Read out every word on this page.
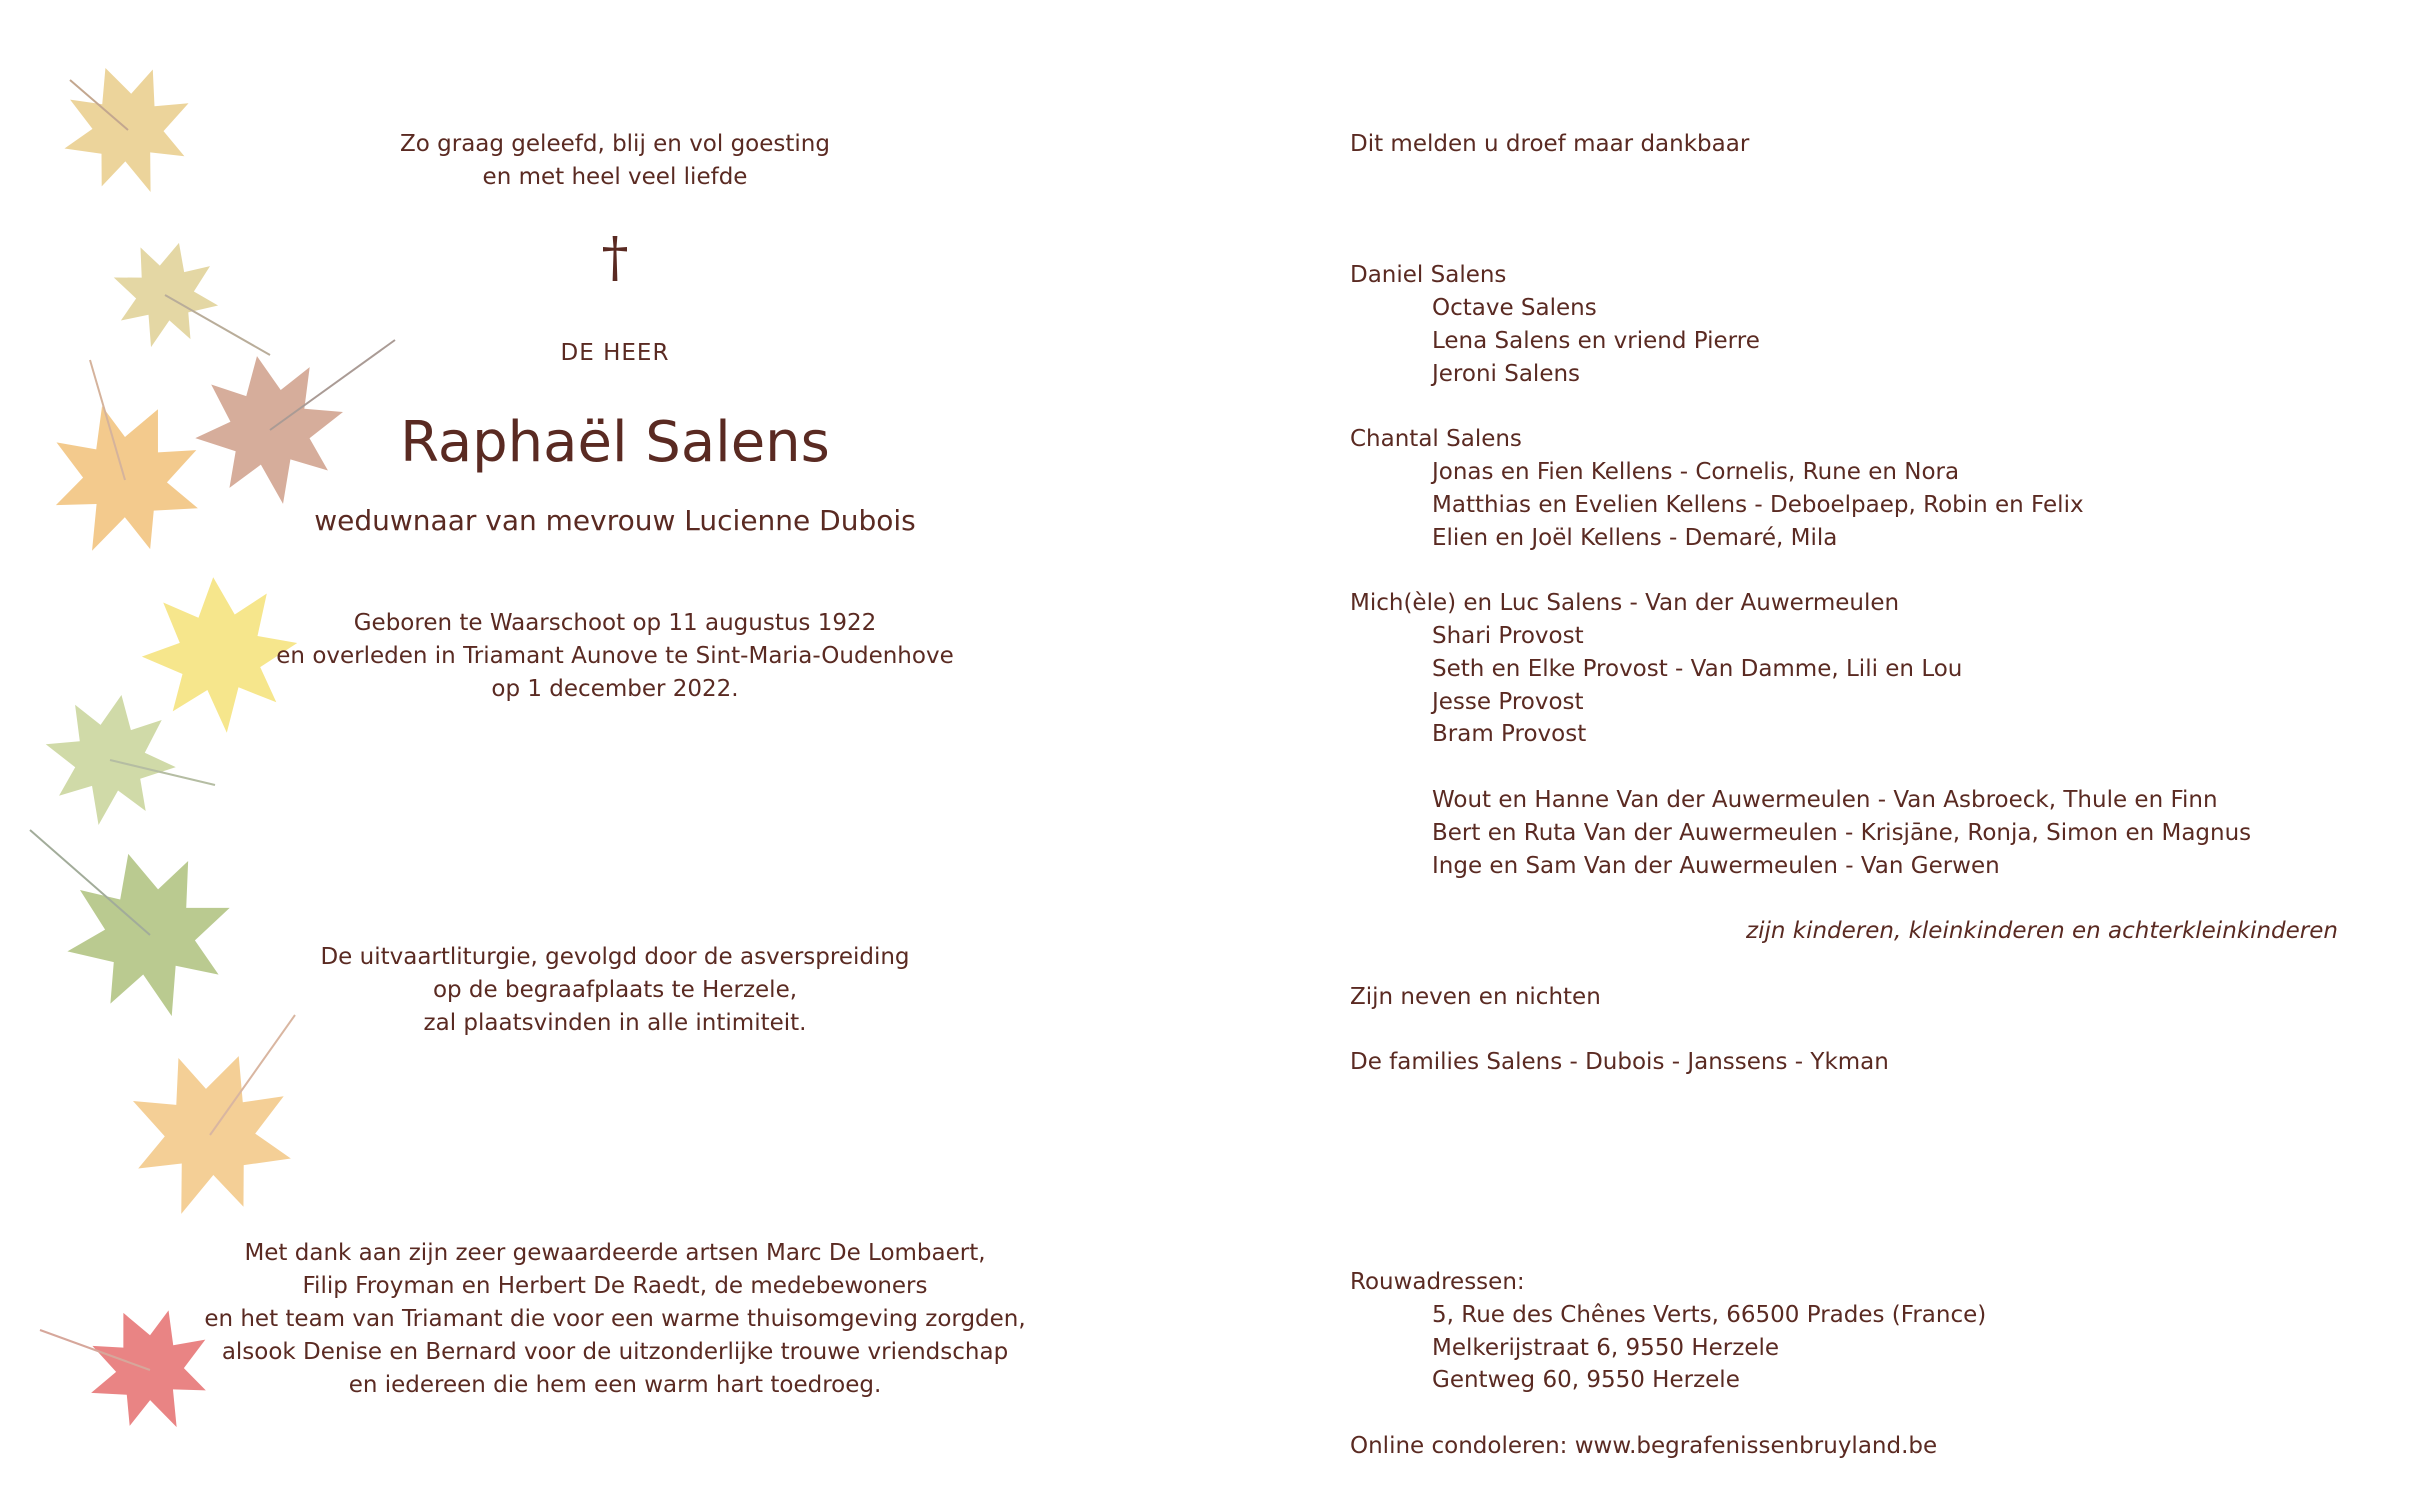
Zo graag geleefd, blij en vol goesting

en met heel veel liefde

†

DE HEER

Raphaël Salens

weduwnaar van mevrouw Lucienne Dubois

Geboren te Waarschoot op 11 augustus 1922

en overleden in Triamant Aunove te Sint-Maria-Oudenhove

op 1 december 2022.

De uitvaartliturgie, gevolgd door de asverspreiding

op de begraafplaats te Herzele,

zal plaatsvinden in alle intimiteit.

Met dank aan zijn zeer gewaardeerde artsen Marc De Lombaert,

Filip Froyman en Herbert De Raedt, de medebewoners

en het team van Triamant die voor een warme thuisomgeving zorgden,

alsook Denise en Bernard voor de uitzonderlijke trouwe vriendschap

en iedereen die hem een warm hart toedroeg.

Dit melden u droef maar dankbaar

Daniel Salens

Octave Salens

Lena Salens en vriend Pierre

Jeroni Salens

Chantal Salens

Jonas en Fien Kellens - Cornelis, Rune en Nora

Matthias en Evelien Kellens - Deboelpaep, Robin en Felix

Elien en Joël Kellens - Demaré, Mila

Mich(èle) en Luc Salens - Van der Auwermeulen

Shari Provost

Seth en Elke Provost - Van Damme, Lili en Lou

Jesse Provost

Bram Provost

Wout en Hanne Van der Auwermeulen - Van Asbroeck, Thule en Finn

Bert en Ruta Van der Auwermeulen - Krisjāne, Ronja, Simon en Magnus

Inge en Sam Van der Auwermeulen - Van Gerwen

zijn kinderen, kleinkinderen en achterkleinkinderen

Zijn neven en nichten

De families Salens - Dubois - Janssens - Ykman

Rouwadressen:

5, Rue des Chênes Verts, 66500 Prades (France)

Melkerijstraat 6, 9550 Herzele

Gentweg 60, 9550 Herzele

Online condoleren: www.begrafenissenbruyland.be
